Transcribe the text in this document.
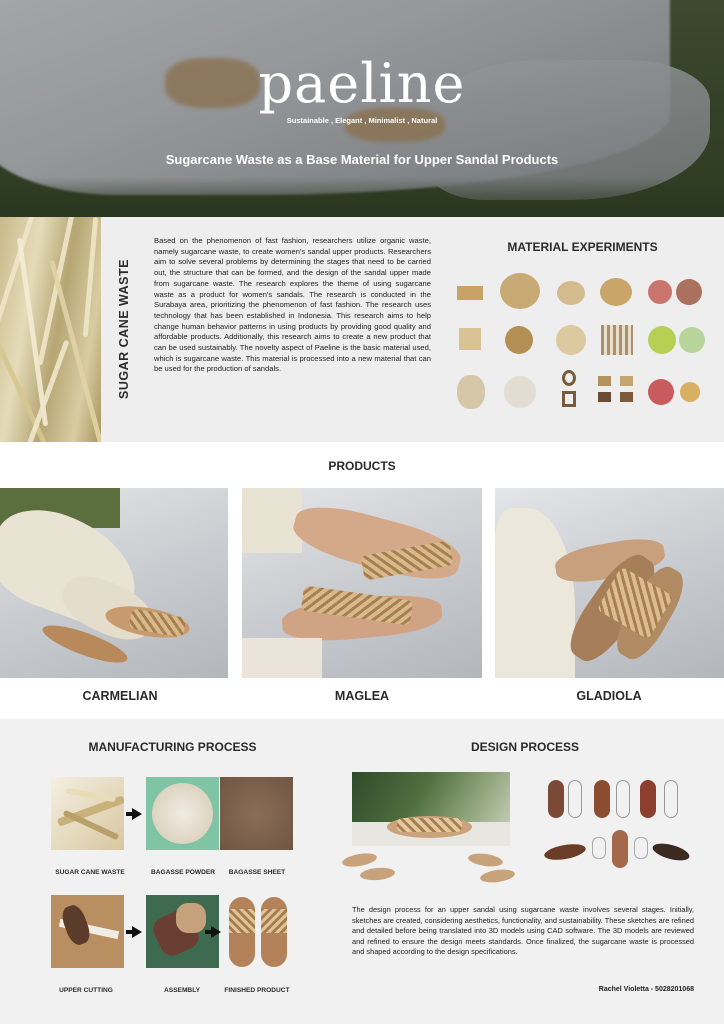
paeline
Sustainable , Elegant , Minimalist , Natural
Sugarcane Waste as a Base Material for Upper Sandal Products
SUGAR CANE WASTE
Based on the phenomenon of fast fashion, researchers utilize organic waste, namely sugarcane waste, to create women's sandal upper products. Researchers aim to solve several problems by determining the stages that need to be carried out, the structure that can be formed, and the design of the sandal upper made from sugarcane waste. The research explores the theme of using sugarcane waste as a product for women's sandals. The research is conducted in the Surabaya area, prioritizing the phenomenon of fast fashion. The research uses technology that has been established in Indonesia. This research aims to help change human behavior patterns in using products by providing good quality and affordable products. Additionally, this research aims to create a new product that can be used sustainably. The novelty aspect of Paeline is the basic material used, which is sugarcane waste. This material is processed into a new material that can be used for the production of sandals.
MATERIAL EXPERIMENTS
PRODUCTS
CARMELIAN	MAGLEA	GLADIOLA
MANUFACTURING PROCESS	DESIGN PROCESS
SUGAR CANE WASTE	BAGASSE POWDER	BAGASSE SHEET
UPPER CUTTING	ASSEMBLY	FINISHED PRODUCT
The design process for an upper sandal using sugarcane waste involves several stages. Initially, sketches are created, considering aesthetics, functionality, and sustainability. These sketches are refined and detailed before being translated into 3D models using CAD software. The 3D models are reviewed and refined to ensure the design meets standards. Once finalized, the sugarcane waste is processed and shaped according to the design specifications.
Rachel Violetta - 5028201068
